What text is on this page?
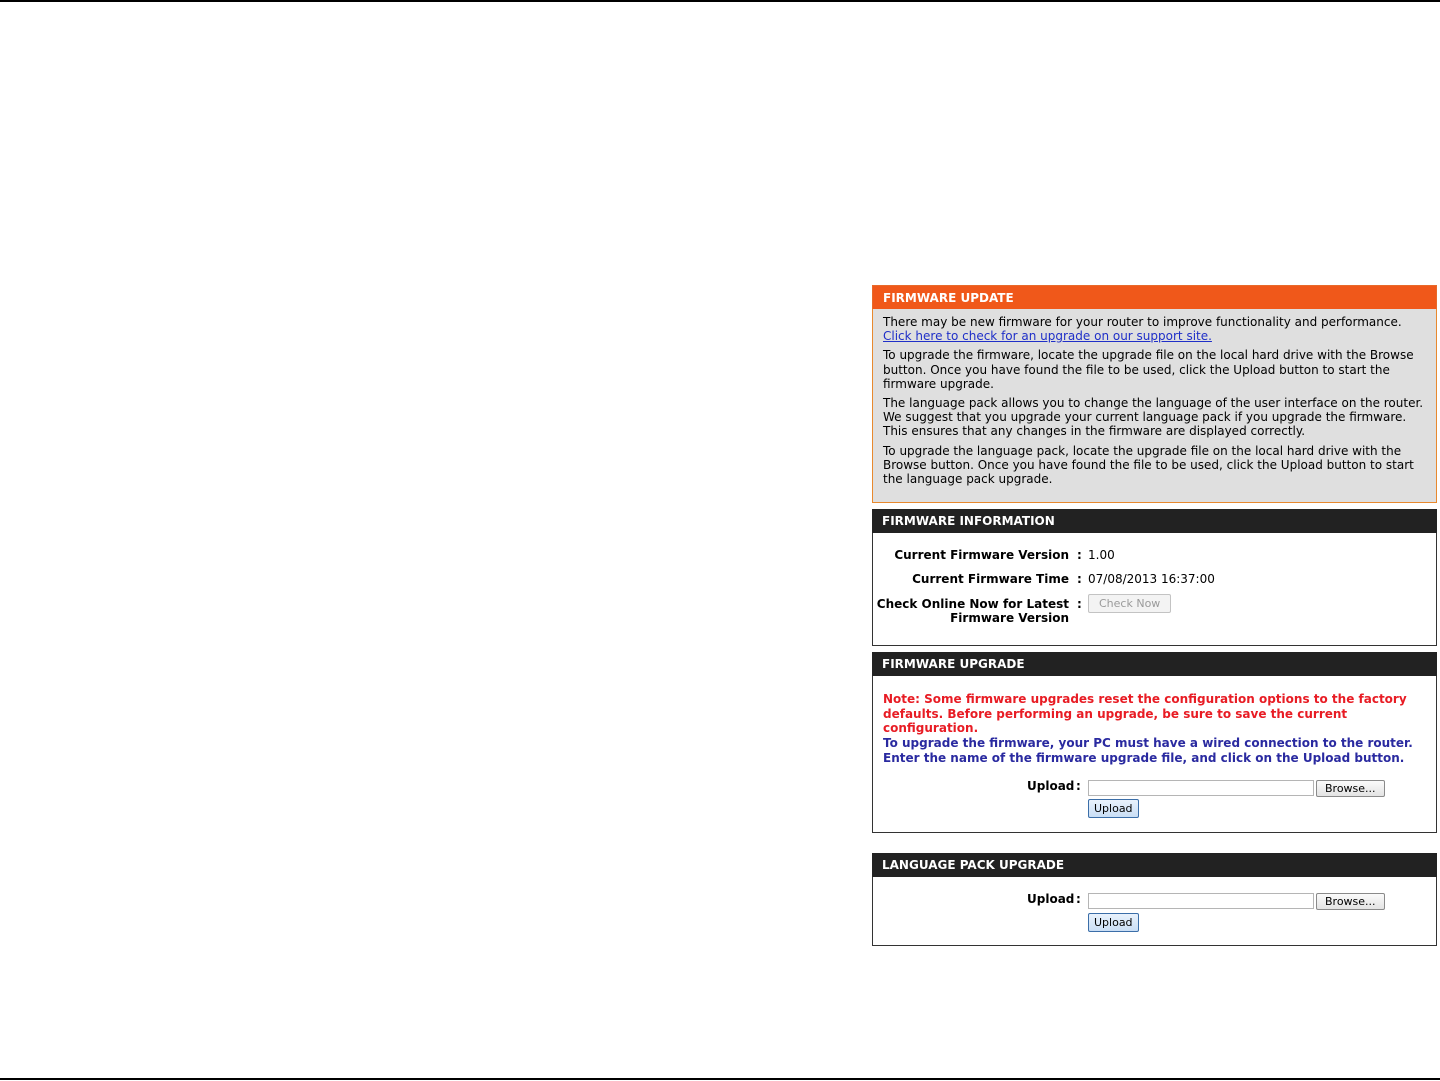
FIRMWARE UPDATE

There may be new firmware for your router to improve functionality and performance.
Click here to check for an upgrade on our support site.

To upgrade the firmware, locate the upgrade file on the local hard drive with the Browse button. Once you have found the file to be used, click the Upload button to start the firmware upgrade.

The language pack allows you to change the language of the user interface on the router. We suggest that you upgrade your current language pack if you upgrade the firmware. This ensures that any changes in the firmware are displayed correctly.

To upgrade the language pack, locate the upgrade file on the local hard drive with the Browse button. Once you have found the file to be used, click the Upload button to start the language pack upgrade.

FIRMWARE INFORMATION
Current Firmware Version : 1.00
Current Firmware Time : 07/08/2013 16:37:00
Check Online Now for Latest
Firmware Version
:	Check Now
FIRMWARE UPGRADE

Note: Some firmware upgrades reset the configuration options to the factory defaults. Before performing an upgrade, be sure to save the current configuration.

To upgrade the firmware, your PC must have a wired connection to the router. Enter the name of the firmware upgrade file, and click on the Upload button.

Upload :	Browse...
Upload
LANGUAGE PACK UPGRADE
Upload :	Browse...
Upload
